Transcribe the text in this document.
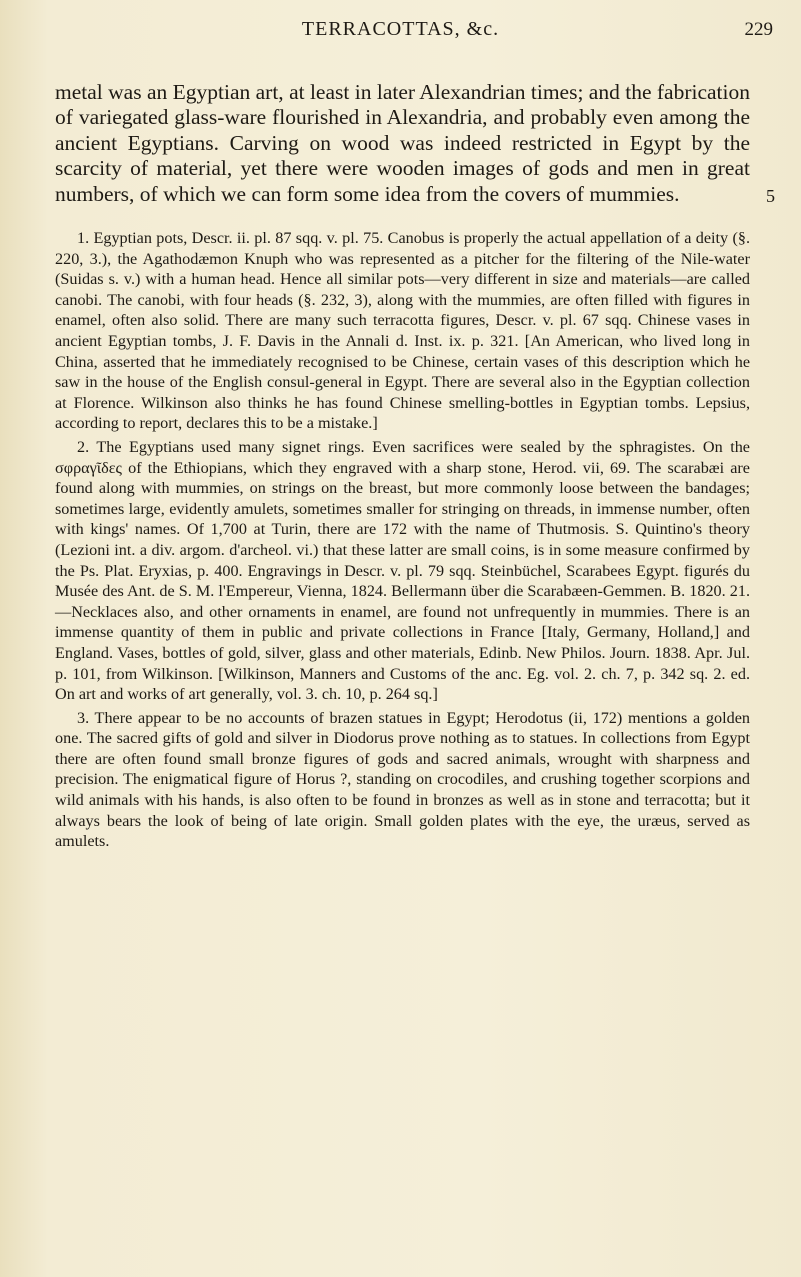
TERRACOTTAS, &c.	229

metal was an Egyptian art, at least in later Alexandrian times; and the fabrication of variegated glass-ware flourished in Alexandria, and probably even among the ancient Egyptians. Carving on wood was indeed restricted in Egypt by the scarcity of material, yet there were wooden images of gods and men in great numbers, of which we can form some idea from the covers of mummies.	5

1. Egyptian pots, Descr. ii. pl. 87 sqq. v. pl. 75. Canobus is properly the actual appellation of a deity (§. 220, 3.), the Agathodæmon Knuph who was represented as a pitcher for the filtering of the Nile-water (Suidas s. v.) with a human head. Hence all similar pots—very different in size and materials—are called canobi. The canobi, with four heads (§. 232, 3), along with the mummies, are often filled with figures in enamel, often also solid. There are many such terracotta figures, Descr. v. pl. 67 sqq. Chinese vases in ancient Egyptian tombs, J. F. Davis in the Annali d. Inst. ix. p. 321. [An American, who lived long in China, asserted that he immediately recognised to be Chinese, certain vases of this description which he saw in the house of the English consul-general in Egypt. There are several also in the Egyptian collection at Florence. Wilkinson also thinks he has found Chinese smelling-bottles in Egyptian tombs. Lepsius, according to report, declares this to be a mistake.]

2. The Egyptians used many signet rings. Even sacrifices were sealed by the sphragistes. On the σφραγῖδες of the Ethiopians, which they engraved with a sharp stone, Herod. vii, 69. The scarabæi are found along with mummies, on strings on the breast, but more commonly loose between the bandages; sometimes large, evidently amulets, sometimes smaller for stringing on threads, in immense number, often with kings' names. Of 1,700 at Turin, there are 172 with the name of Thutmosis. S. Quintino's theory (Lezioni int. a div. argom. d'archeol. vi.) that these latter are small coins, is in some measure confirmed by the Ps. Plat. Eryxias, p. 400. Engravings in Descr. v. pl. 79 sqq. Steinbüchel, Scarabees Egypt. figurés du Musée des Ant. de S. M. l'Empereur, Vienna, 1824. Bellermann über die Scarabæen-Gemmen. B. 1820. 21.—Necklaces also, and other ornaments in enamel, are found not unfrequently in mummies. There is an immense quantity of them in public and private collections in France [Italy, Germany, Holland,] and England. Vases, bottles of gold, silver, glass and other materials, Edinb. New Philos. Journ. 1838. Apr. Jul. p. 101, from Wilkinson. [Wilkinson, Manners and Customs of the anc. Eg. vol. 2. ch. 7, p. 342 sq. 2. ed. On art and works of art generally, vol. 3. ch. 10, p. 264 sq.]

3. There appear to be no accounts of brazen statues in Egypt; Herodotus (ii, 172) mentions a golden one. The sacred gifts of gold and silver in Diodorus prove nothing as to statues. In collections from Egypt there are often found small bronze figures of gods and sacred animals, wrought with sharpness and precision. The enigmatical figure of Horus ?, standing on crocodiles, and crushing together scorpions and wild animals with his hands, is also often to be found in bronzes as well as in stone and terracotta; but it always bears the look of being of late origin. Small golden plates with the eye, the uræus, served as amulets.
